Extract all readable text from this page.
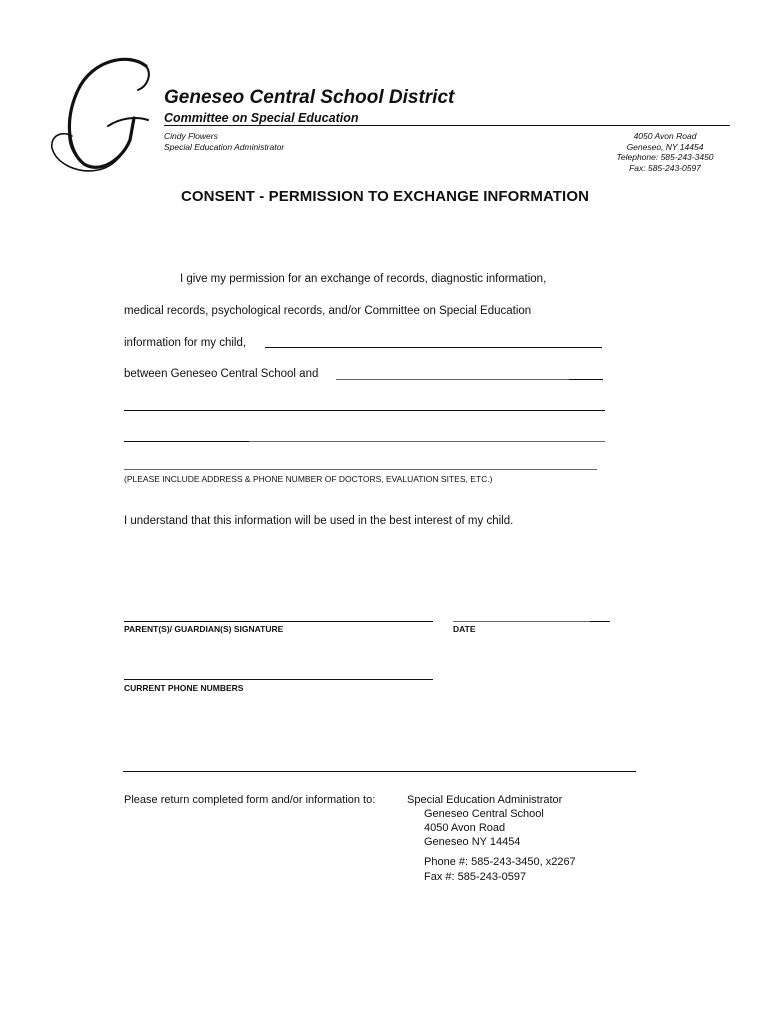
Geneseo Central School District
Committee on Special Education
Cindy Flowers
Special Education Administrator
4050 Avon Road
Geneseo, NY 14454
Telephone: 585-243-3450
Fax: 585-243-0597
CONSENT - PERMISSION TO EXCHANGE INFORMATION
I give my permission for an exchange of records, diagnostic information,
medical records, psychological records, and/or Committee on Special Education
information for my child,
between Geneseo Central School and
(PLEASE INCLUDE ADDRESS & PHONE NUMBER OF DOCTORS, EVALUATION SITES, ETC.)
I understand that this information will be used in the best interest of my child.
PARENT(S)/ GUARDIAN(S) SIGNATURE	DATE
CURRENT PHONE NUMBERS
Please return completed form and/or information to:	Special Education Administrator
Geneseo Central School
4050 Avon Road
Geneseo NY 14454
Phone #: 585-243-3450, x2267
Fax #: 585-243-0597
